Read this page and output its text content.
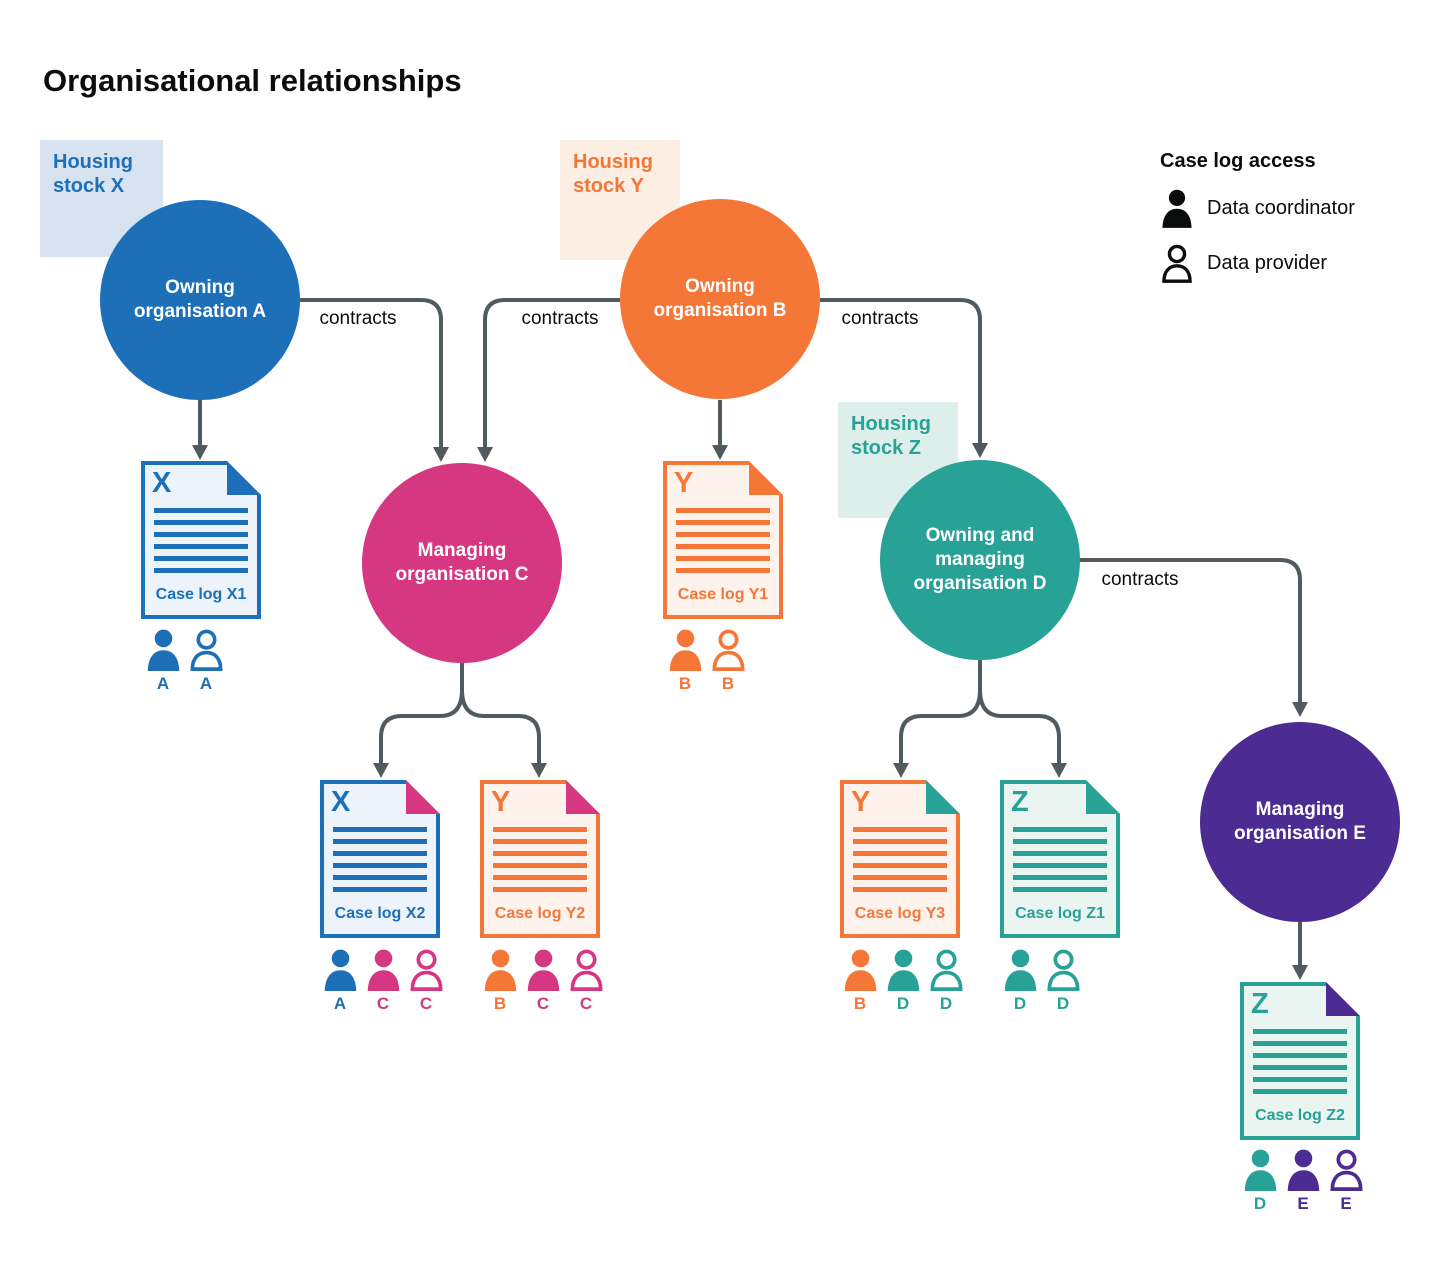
Organisational relationships
Housing stock X
Housing stock Y
Housing stock Z
contracts	contracts	contracts
contracts
Owning organisation A
Owning organisation B
Managing organisation C
Owning and managing organisation D
Managing organisation E
X
Case log X1
Y
Case log Y1
X
Case log X2
Y
Case log Y2
Y
Case log Y3
Z
Case log Z1
Z
Case log Z2
A A	B B
A C C	B C C	B D D	D D
D E E
Case log access
Data coordinator
Data provider
